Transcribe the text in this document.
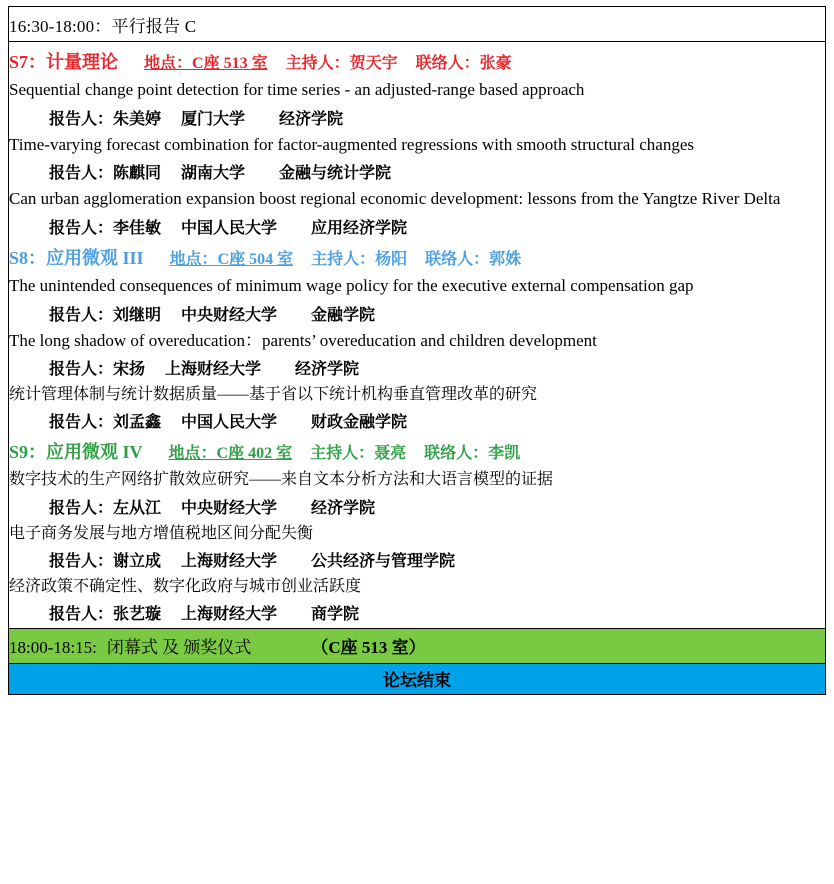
16:30-18:00：平行报告 C

S7：计量理论 地点：C座 513 室 主持人：贺天宇 联络人：张豪
Sequential change point detection for time series - an adjusted-range based approach
报告人：朱美婷 厦门大学 经济学院
Time-varying forecast combination for factor-augmented regressions with smooth structural changes
报告人：陈麒同 湖南大学 金融与统计学院
Can urban agglomeration expansion boost regional economic development: lessons from the Yangtze River Delta
报告人：李佳敏 中国人民大学 应用经济学院
S8：应用微观 III 地点：C座 504 室 主持人：杨阳 联络人：郭姝
The unintended consequences of minimum wage policy for the executive external compensation gap
报告人：刘继明 中央财经大学 金融学院
The long shadow of overeducation：parents’ overeducation and children development
报告人：宋扬 上海财经大学 经济学院
统计管理体制与统计数据质量——基于省以下统计机构垂直管理改革的研究
报告人：刘孟鑫 中国人民大学 财政金融学院
S9：应用微观 IV 地点：C座 402 室 主持人：聂亮 联络人：李凯
数字技术的生产网络扩散效应研究——来自文本分析方法和大语言模型的证据
报告人：左从江 中央财经大学 经济学院
电子商务发展与地方增值税地区间分配失衡
报告人：谢立成 上海财经大学 公共经济与管理学院
经济政策不确定性、数字化政府与城市创业活跃度
报告人：张艺璇 上海财经大学 商学院

18:00-18:15: 闭幕式 及 颁奖仪式	（C座 513 室）

论坛结束
